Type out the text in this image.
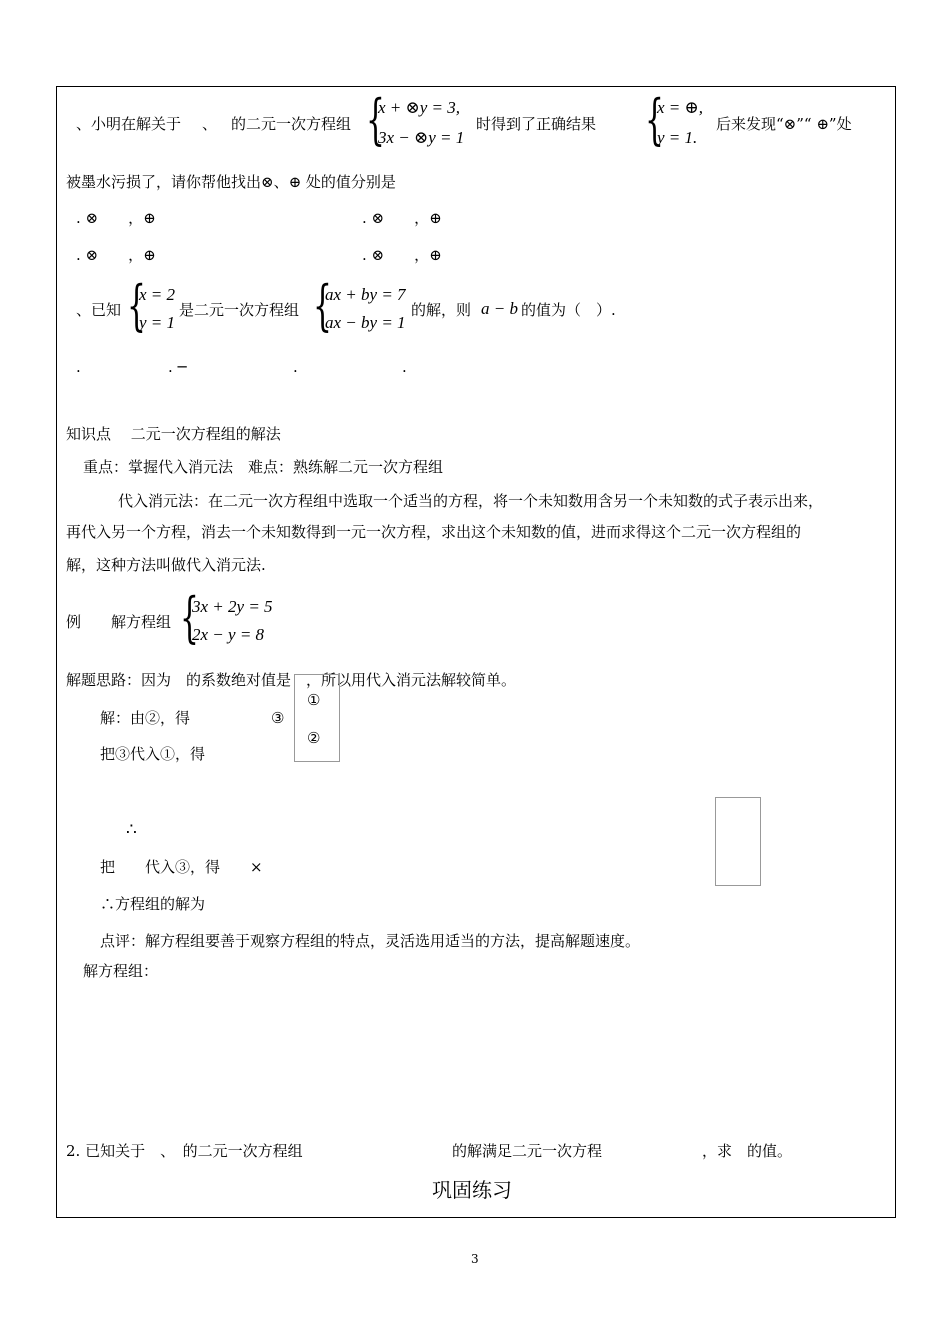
、小明在解关于 、 的二元一次方程组 {
x + ⊗y = 3,
3x − ⊗y = 1
时得到了正确结果 {
x = ⊕,
y = 1.
后来发现“⊗”“ ⊕”处
被墨水污损了，请你帮他找出⊗、⊕ 处的值分别是
. ⊗　　，⊕	. ⊗　　，⊕
. ⊗　　，⊕	. ⊗　　，⊕
、已知 {
x = 2
y = 1
是二元一次方程组 {
ax + by = 7
ax − by = 1
的解，则 a − b 的值为（　）.
.	. ─	.	.
知识点　 二元一次方程组的解法
重点：掌握代入消元法　难点：熟练解二元一次方程组
代入消元法：在二元一次方程组中选取一个适当的方程，将一个未知数用含另一个未知数的式子表示出来，
再代入另一个方程，消去一个未知数得到一元一次方程，求出这个未知数的值，进而求得这个二元一次方程组的
解，这种方法叫做代入消元法.
例　　解方程组 {
3x + 2y = 5
2x − y = 8
解题思路：因为　的系数绝对值是　，所以用代入消元法解较简单。
①
②
解：由②，得	③
把③代入①，得
∴
把　　代入③，得　　×
∴方程组的解为
点评：解方程组要善于观察方程组的特点，灵活选用适当的方法，提高解题速度。
解方程组：
2. 已知关于　、　的二元一次方程组	的解满足二元一次方程	，求　的值。
巩固练习
3
